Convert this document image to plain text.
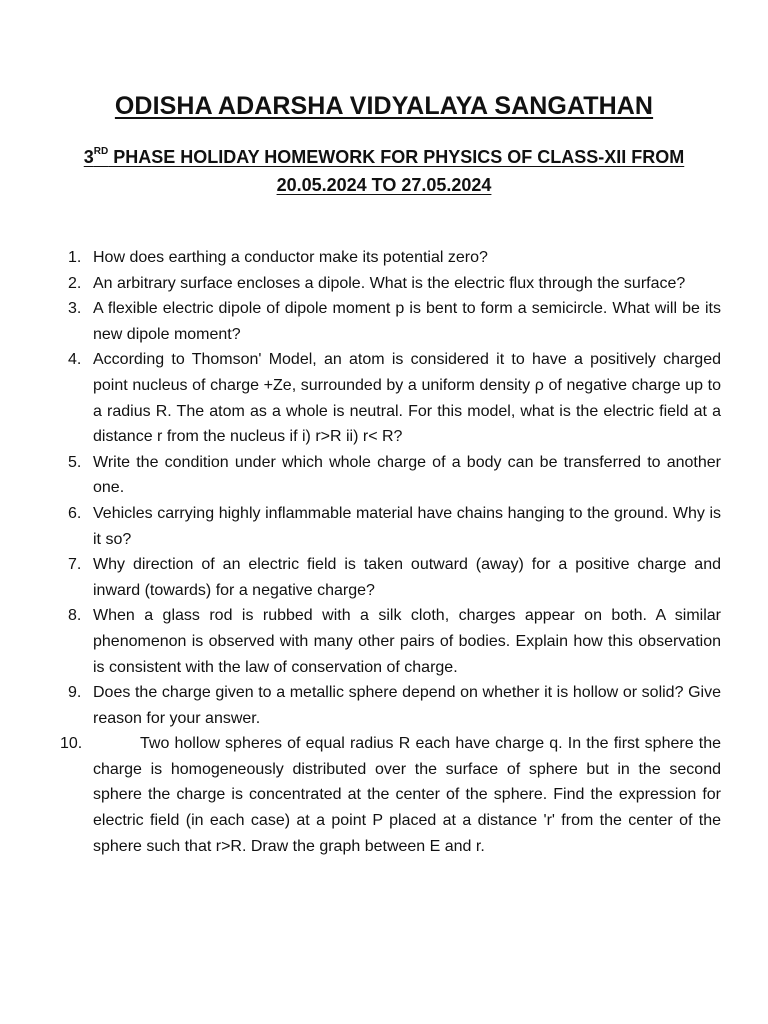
ODISHA ADARSHA VIDYALAYA SANGATHAN
3RD PHASE HOLIDAY HOMEWORK FOR PHYSICS OF CLASS-XII FROM
20.05.2024 TO 27.05.2024
1. How does earthing a conductor make its potential zero?
2. An arbitrary surface encloses a dipole. What is the electric flux through the surface?
3. A flexible electric dipole of dipole moment p is bent to form a semicircle. What will be its new dipole moment?
4. According to Thomson' Model, an atom is considered it to have a positively charged point nucleus of charge +Ze, surrounded by a uniform density ρ of negative charge up to a radius R. The atom as a whole is neutral. For this model, what is the electric field at a distance r from the nucleus if i) r>R ii) r< R?
5. Write the condition under which whole charge of a body can be transferred to another one.
6. Vehicles carrying highly inflammable material have chains hanging to the ground. Why is it so?
7. Why direction of an electric field is taken outward (away) for a positive charge and inward (towards) for a negative charge?
8. When a glass rod is rubbed with a silk cloth, charges appear on both. A similar phenomenon is observed with many other pairs of bodies. Explain how this observation is consistent with the law of conservation of charge.
9. Does the charge given to a metallic sphere depend on whether it is hollow or solid? Give reason for your answer.
10.	Two hollow spheres of equal radius R each have charge q. In the first sphere the charge is homogeneously distributed over the surface of sphere but in the second sphere the charge is concentrated at the center of the sphere. Find the expression for electric field (in each case) at a point P placed at a distance 'r' from the center of the sphere such that r>R. Draw the graph between E and r.
